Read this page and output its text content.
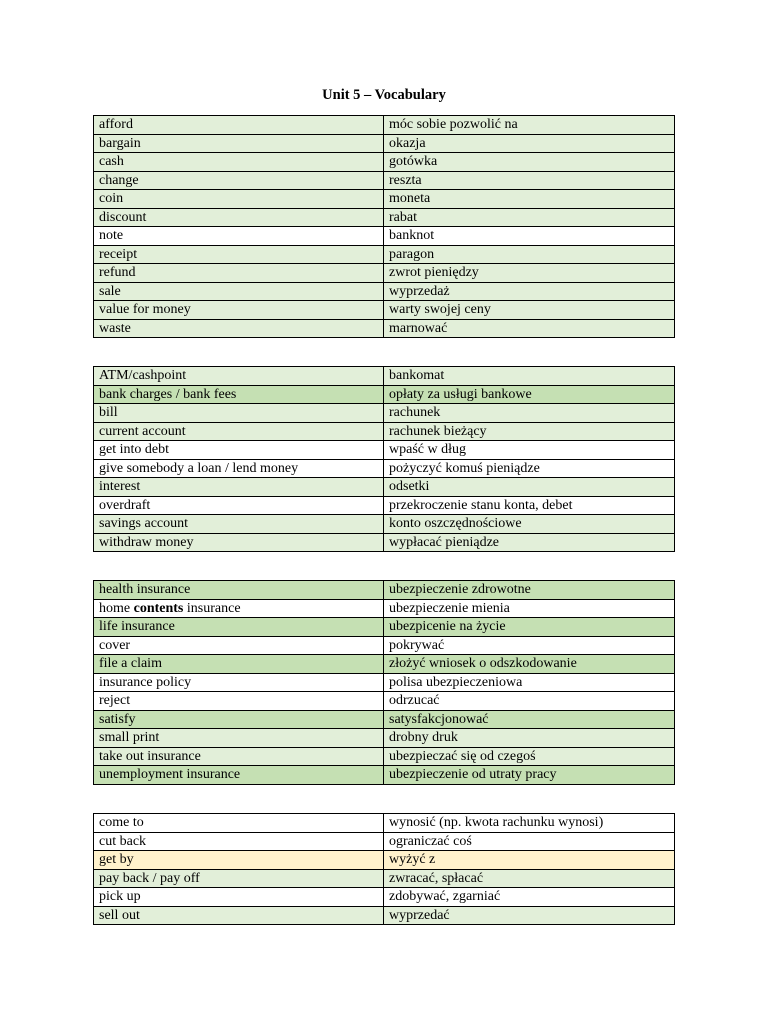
Unit 5 – Vocabulary
afford	móc sobie pozwolić na
bargain	okazja
cash	gotówka
change	reszta
coin	moneta
discount	rabat
note	banknot
receipt	paragon
refund	zwrot pieniędzy
sale	wyprzedaż
value for money	warty swojej ceny
waste	marnować
ATM/cashpoint	bankomat
bank charges / bank fees	opłaty za usługi bankowe
bill	rachunek
current account	rachunek bieżący
get into debt	wpaść w dług
give somebody a loan / lend money	pożyczyć komuś pieniądze
interest	odsetki
overdraft	przekroczenie stanu konta, debet
savings account	konto oszczędnościowe
withdraw money	wypłacać pieniądze
health insurance	ubezpieczenie zdrowotne
home contents insurance	ubezpieczenie mienia
life insurance	ubezpicenie na życie
cover	pokrywać
file a claim	złożyć wniosek o odszkodowanie
insurance policy	polisa ubezpieczeniowa
reject	odrzucać
satisfy	satysfakcjonować
small print	drobny druk
take out insurance	ubezpieczać się od czegoś
unemployment insurance	ubezpieczenie od utraty pracy
come to	wynosić (np. kwota rachunku wynosi)
cut back	ograniczać coś
get by	wyżyć z
pay back / pay off	zwracać, spłacać
pick up	zdobywać, zgarniać
sell out	wyprzedać
